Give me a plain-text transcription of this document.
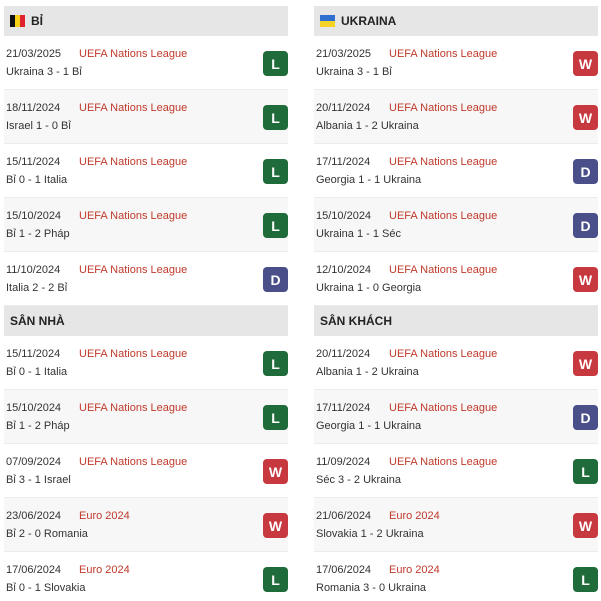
BỈ
21/03/2025 UEFA Nations League
Ukraina 3 - 1 Bỉ
L
18/11/2024 UEFA Nations League
Israel 1 - 0 Bỉ
L
15/11/2024 UEFA Nations League
Bỉ 0 - 1 Italia
L
15/10/2024 UEFA Nations League
Bỉ 1 - 2 Pháp
L
11/10/2024 UEFA Nations League
Italia 2 - 2 Bỉ
D
UKRAINA
21/03/2025 UEFA Nations League
Ukraina 3 - 1 Bỉ
W
20/11/2024 UEFA Nations League
Albania 1 - 2 Ukraina
W
17/11/2024 UEFA Nations League
Georgia 1 - 1 Ukraina
D
15/10/2024 UEFA Nations League
Ukraina 1 - 1 Séc
D
12/10/2024 UEFA Nations League
Ukraina 1 - 0 Georgia
W
SÂN NHÀ
15/11/2024 UEFA Nations League
Bỉ 0 - 1 Italia
L
15/10/2024 UEFA Nations League
Bỉ 1 - 2 Pháp
L
07/09/2024 UEFA Nations League
Bỉ 3 - 1 Israel
W
23/06/2024 Euro 2024
Bỉ 2 - 0 Romania
W
17/06/2024 Euro 2024
Bỉ 0 - 1 Slovakia
L
SÂN KHÁCH
20/11/2024 UEFA Nations League
Albania 1 - 2 Ukraina
W
17/11/2024 UEFA Nations League
Georgia 1 - 1 Ukraina
D
11/09/2024 UEFA Nations League
Séc 3 - 2 Ukraina
L
21/06/2024 Euro 2024
Slovakia 1 - 2 Ukraina
W
17/06/2024 Euro 2024
Romania 3 - 0 Ukraina
L
